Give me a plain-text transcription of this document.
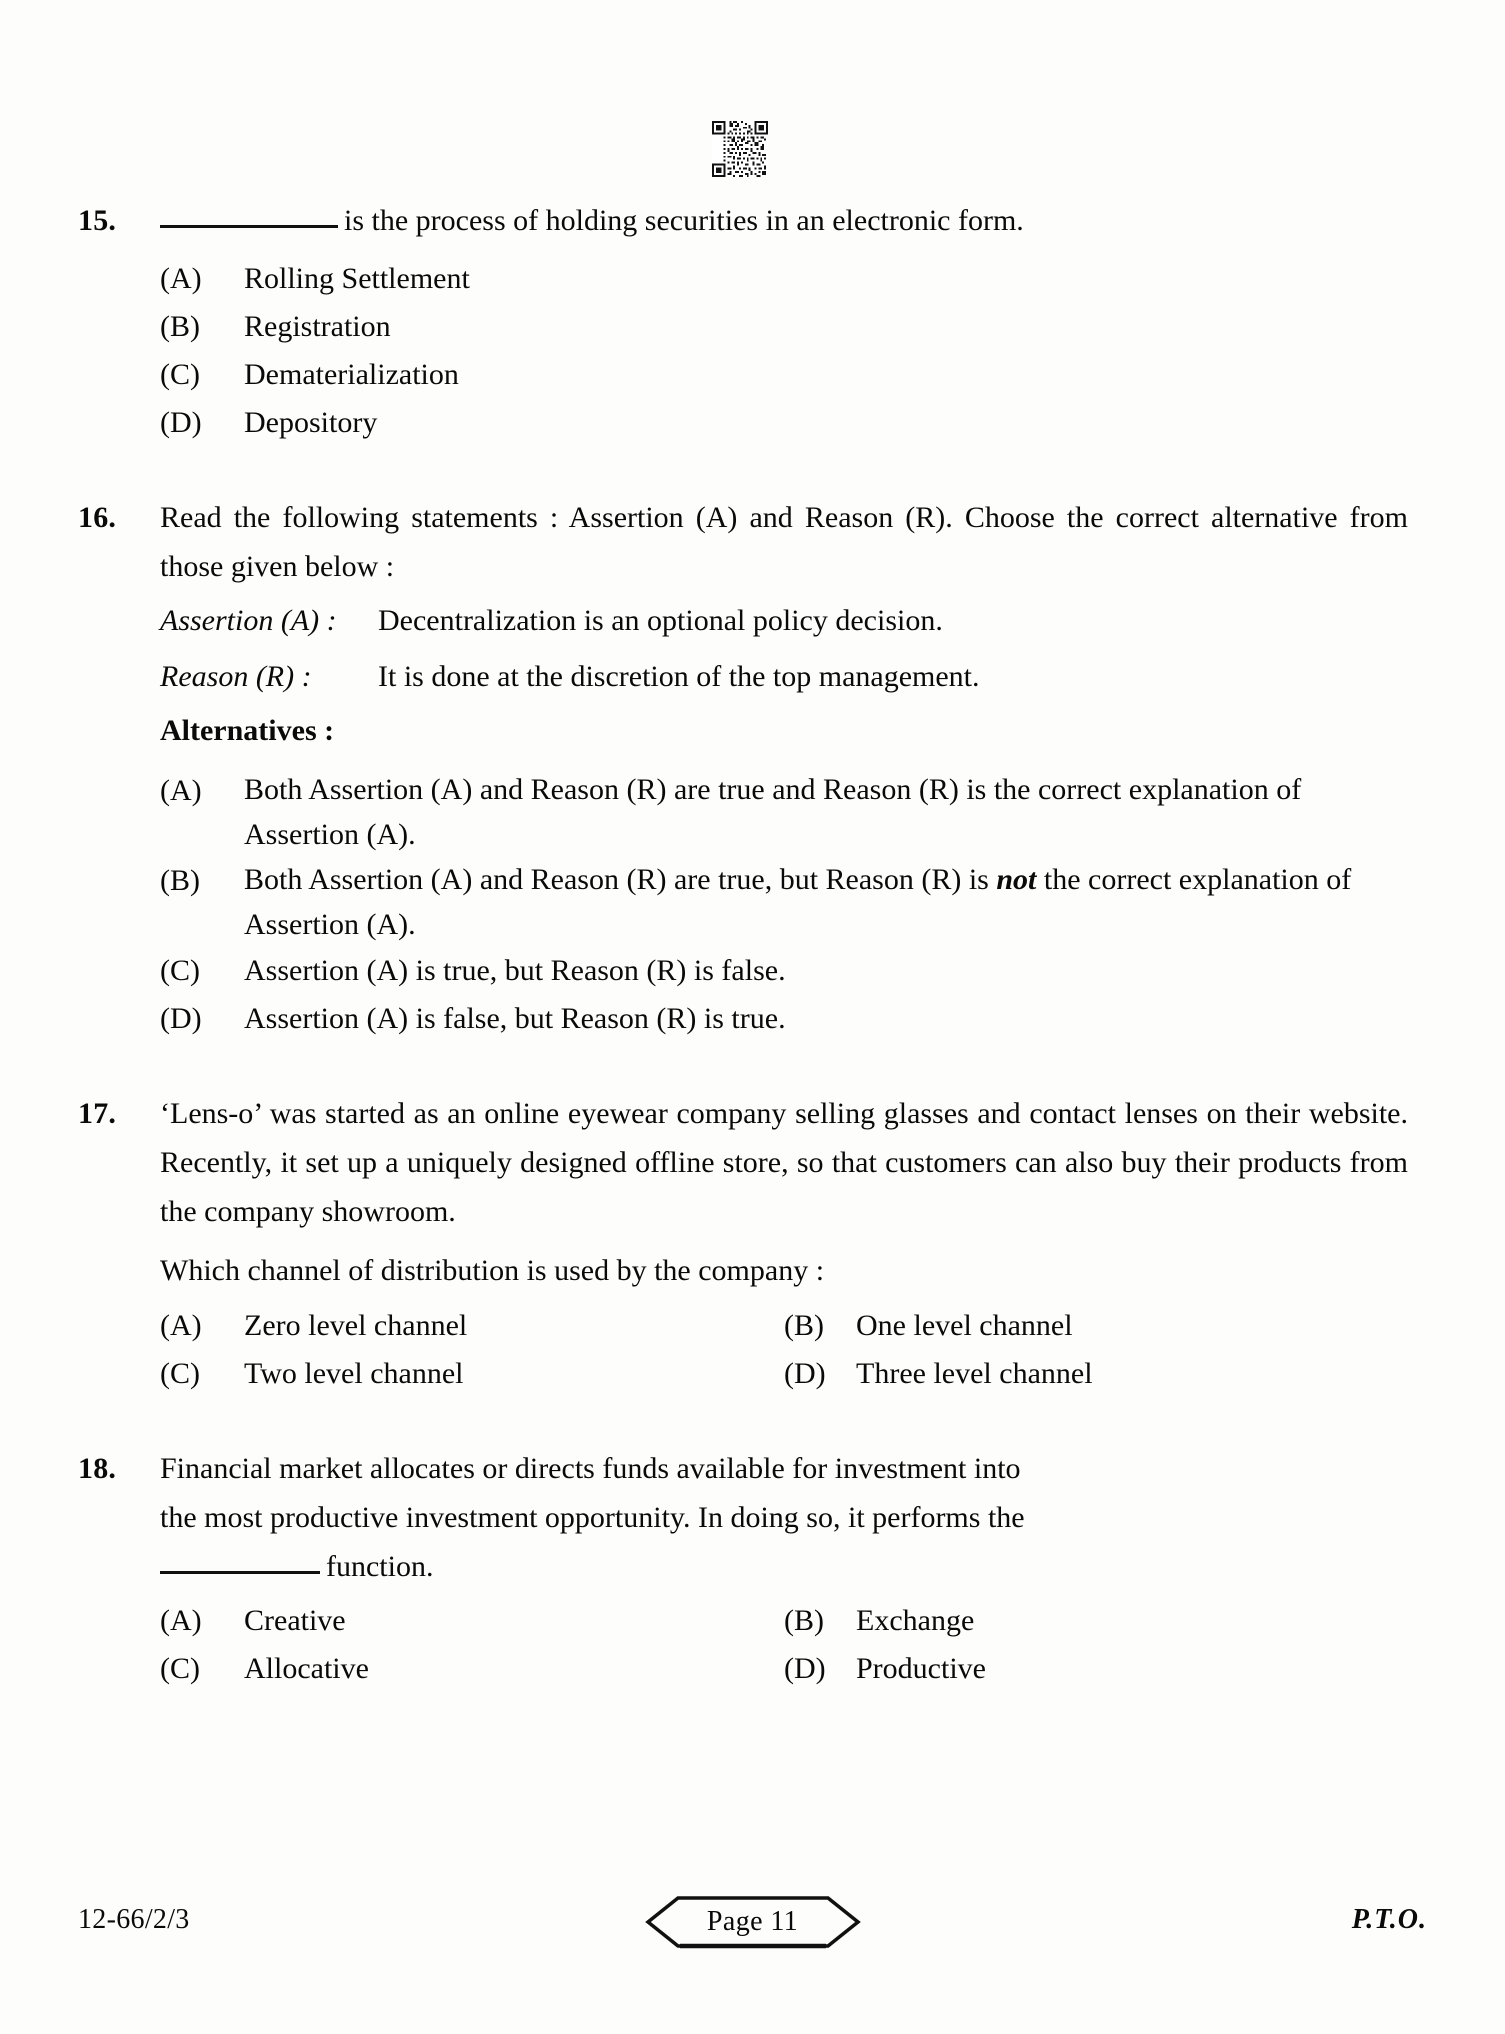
15.	is the process of holding securities in an electronic form.
(A)	Rolling Settlement
(B)	Registration
(C)	Dematerialization
(D)	Depository
16.	Read the following statements : Assertion (A) and Reason (R). Choose the correct alternative from those given below :
Assertion (A) :	Decentralization is an optional policy decision.
Reason (R) :	It is done at the discretion of the top management.
Alternatives :
(A)	Both Assertion (A) and Reason (R) are true and Reason (R) is the correct explanation of Assertion (A).
(B)	Both Assertion (A) and Reason (R) are true, but Reason (R) is not the correct explanation of Assertion (A).
(C)	Assertion (A) is true, but Reason (R) is false.
(D)	Assertion (A) is false, but Reason (R) is true.
17.	‘Lens-o’ was started as an online eyewear company selling glasses and contact lenses on their website. Recently, it set up a uniquely designed offline store, so that customers can also buy their products from the company showroom.
Which channel of distribution is used by the company :
(A)	Zero level channel	(B)	One level channel
(C)	Two level channel	(D)	Three level channel
18.	Financial market allocates or directs funds available for investment into
the most productive investment opportunity. In doing so, it performs the
function.
(A)	Creative	(B)	Exchange
(C)	Allocative	(D)	Productive
12-66/2/3	Page 11	P.T.O.
